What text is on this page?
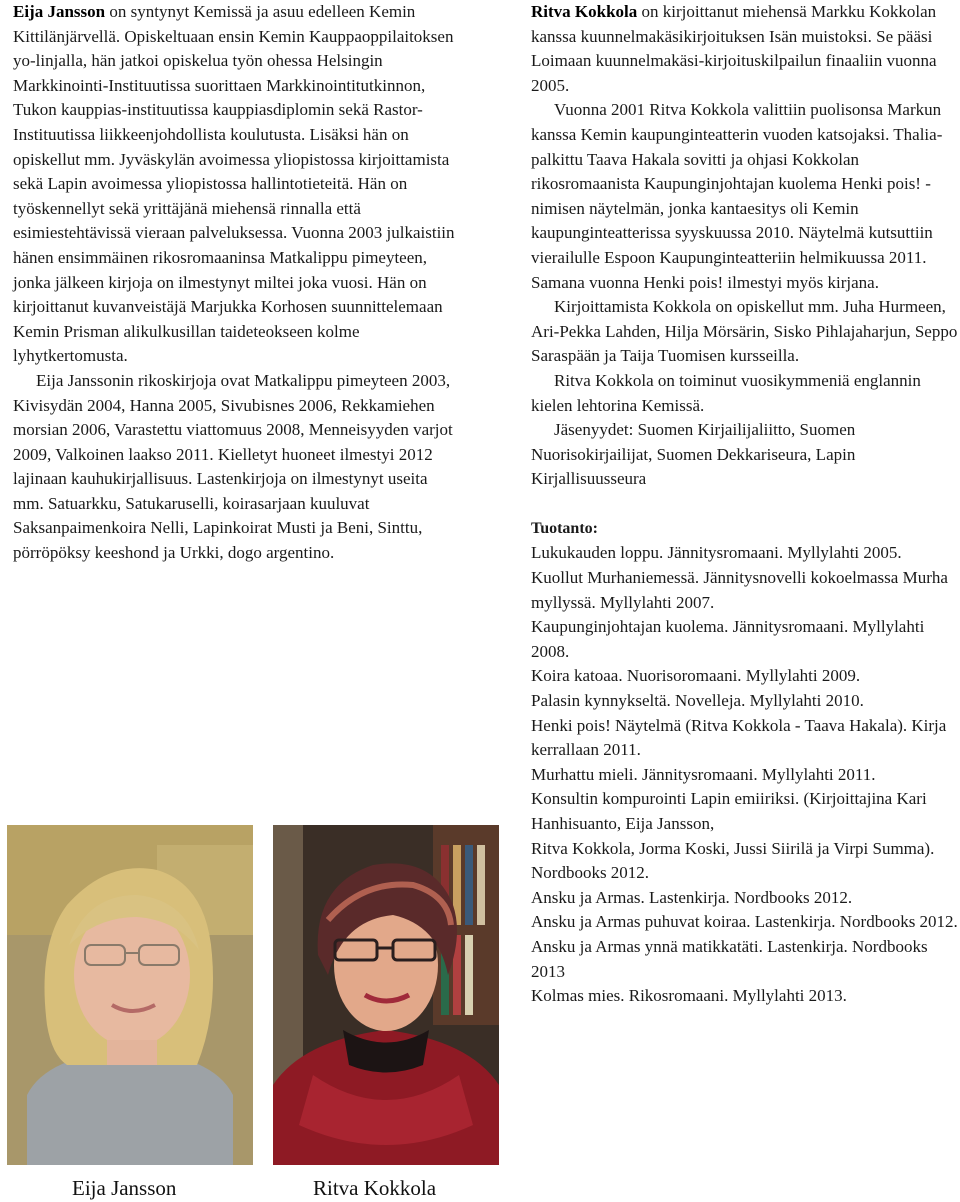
Eija Jansson on syntynyt Kemissä ja asuu edelleen Kemin Kittilänjärvellä. Opiskeltuaan ensin Kemin Kauppaoppilaitoksen yo-linjalla, hän jatkoi opiskelua työn ohessa Helsingin Markkinointi-Instituutissa suorittaen Markkinointitutkinnon, Tukon kauppias-instituutissa kauppiasdiplomin sekä Rastor-Instituutissa liikkeenjohdollista koulutusta. Lisäksi hän on opiskellut mm. Jyväskylän avoimessa yliopistossa kirjoittamista sekä Lapin avoimessa yliopistossa hallintotieteitä. Hän on työskennellyt sekä yrittäjänä miehensä rinnalla että esimiestehtävissä vieraan palveluksessa. Vuonna 2003 julkaistiin hänen ensimmäinen rikosromaaninsa Matkalippu pimeyteen, jonka jälkeen kirjoja on ilmestynyt miltei joka vuosi. Hän on kirjoittanut kuvanveistäjä Marjukka Korhosen suunnittelemaan Kemin Prisman alikulkusillan taideteokseen kolme lyhytkertomusta.

Eija Janssonin rikoskirjoja ovat Matkalippu pimeyteen 2003, Kivisydän 2004, Hanna 2005, Sivubisnes 2006, Rekkamiehen morsian 2006, Varastettu viattomuus 2008, Menneisyyden varjot 2009, Valkoinen laakso 2011. Kielletyt huoneet ilmestyi 2012 lajinaan kauhukirjallisuus. Lastenkirjoja on ilmestynyt useita mm. Satuarkku, Satukaruselli, koirasarjaan kuuluvat Saksanpaimenkoira Nelli, Lapinkoirat Musti ja Beni, Sinttu, pörröpöksy keeshond ja Urkki, dogo argentino.

Ritva Kokkola on kirjoittanut miehensä Markku Kokkolan kanssa kuunnelmakäsikirjoituksen Isän muistoksi. Se pääsi Loimaan kuunnelmakäsi-kirjoituskilpailun finaaliin vuonna 2005.

Vuonna 2001 Ritva Kokkola valittiin puolisonsa Markun kanssa Kemin kaupunginteatterin vuoden katsojaksi. Thalia-palkittu Taava Hakala sovitti ja ohjasi Kokkolan rikosromaanista Kaupunginjohtajan kuolema Henki pois! -nimisen näytelmän, jonka kantaesitys oli Kemin kaupunginteatterissa syyskuussa 2010. Näytelmä kutsuttiin vierailulle Espoon Kaupunginteatteriin helmikuussa 2011. Samana vuonna Henki pois! ilmestyi myös kirjana.

Kirjoittamista Kokkola on opiskellut mm. Juha Hurmeen, Ari-Pekka Lahden, Hilja Mörsärin, Sisko Pihlajaharjun, Seppo Saraspään ja Taija Tuomisen kursseilla.

Ritva Kokkola on toiminut vuosikymmeniä englannin kielen lehtorina Kemissä.

Jäsenyydet: Suomen Kirjailijaliitto, Suomen Nuorisokirjailijat, Suomen Dekkariseura, Lapin Kirjallisuusseura

Tuotanto:

Lukukauden loppu. Jännitysromaani. Myllylahti 2005.

Kuollut Murhaniemessä. Jännitysnovelli kokoelmassa Murha myllyssä. Myllylahti 2007.

Kaupunginjohtajan kuolema. Jännitysromaani. Myllylahti 2008.

Koira katoaa. Nuorisoromaani. Myllylahti 2009.

Palasin kynnykseltä. Novelleja. Myllylahti 2010.

Henki pois! Näytelmä (Ritva Kokkola - Taava Hakala). Kirja kerrallaan 2011.

Murhattu mieli. Jännitysromaani. Myllylahti 2011.

Konsultin kompurointi Lapin emiiriksi. (Kirjoittajina Kari Hanhisuanto, Eija Jansson,

Ritva Kokkola, Jorma Koski, Jussi Siirilä ja Virpi Summa). Nordbooks 2012.

Ansku ja Armas. Lastenkirja. Nordbooks 2012.

Ansku ja Armas puhuvat koiraa. Lastenkirja. Nordbooks 2012.

Ansku ja Armas ynnä matikkatäti. Lastenkirja. Nordbooks 2013

Kolmas mies. Rikosromaani. Myllylahti 2013.

Eija Jansson	Ritva Kokkola
